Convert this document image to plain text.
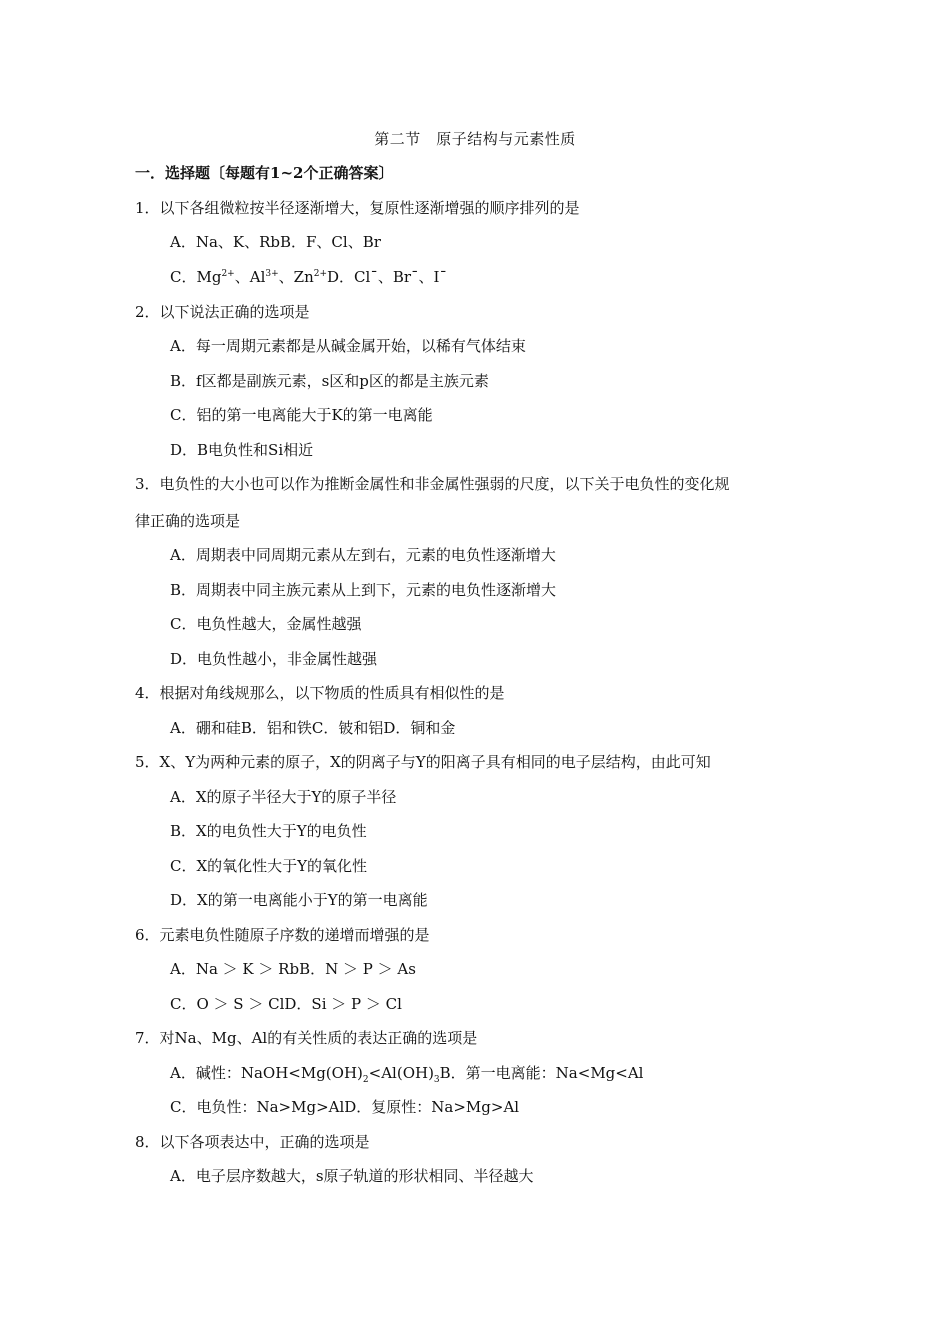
第二节　原子结构与元素性质
一．选择题〔每题有1~2个正确答案〕
1．以下各组微粒按半径逐渐增大，复原性逐渐增强的顺序排列的是
A．Na、K、RbB．F、Cl、Br
C．$Mg^{2+}$、$Al^{3+}$、$Zn^{2+}D$．Cl¯、Br¯、I¯
2．以下说法正确的选项是
A．每一周期元素都是从碱金属开始，以稀有气体结束
B．f区都是副族元素，s区和p区的都是主族元素
C．铝的第一电离能大于K的第一电离能
D．B电负性和Si相近
3．电负性的大小也可以作为推断金属性和非金属性强弱的尺度，以下关于电负性的变化规
律正确的选项是
A．周期表中同周期元素从左到右，元素的电负性逐渐增大
B．周期表中同主族元素从上到下，元素的电负性逐渐增大
C．电负性越大，金属性越强
D．电负性越小，非金属性越强
4．根据对角线规那么，以下物质的性质具有相似性的是
A．硼和硅B．铝和铁C．铍和铝D．铜和金
5．X、Y为两种元素的原子，X的阴离子与Y的阳离子具有相同的电子层结构，由此可知
A．X的原子半径大于Y的原子半径
B．X的电负性大于Y的电负性
C．X的氧化性大于Y的氧化性
D．X的第一电离能小于Y的第一电离能
6．元素电负性随原子序数的递增而增强的是
A．Na ＞ K ＞ RbB．N ＞ P ＞ As
C．O ＞ S ＞ ClD．Si ＞ P ＞ Cl
7．对Na、Mg、Al的有关性质的表达正确的选项是
A．碱性：$NaOH<Mg(OH)_2<Al(OH)_3B$．第一电离能：Na<Mg<Al
C．电负性：Na>Mg>AlD．复原性：Na>Mg>Al
8．以下各项表达中，正确的选项是
A．电子层序数越大，s原子轨道的形状相同、半径越大
